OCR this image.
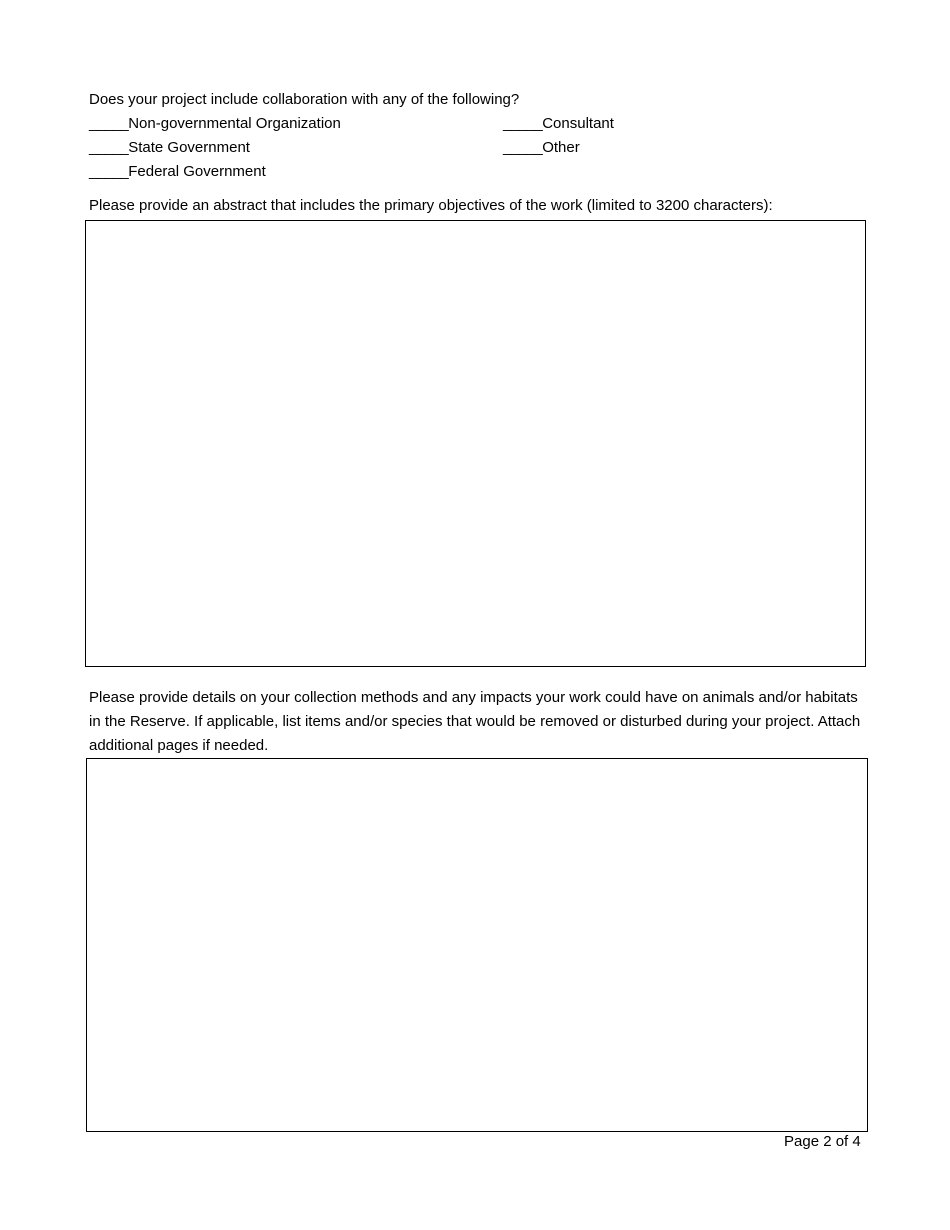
Does your project include collaboration with any of the following?
_____Non-governmental Organization	_____Consultant
_____State Government	_____Other
_____Federal Government
Please provide an abstract that includes the primary objectives of the work (limited to 3200 characters):
Please provide details on your collection methods and any impacts your work could have on animals and/or habitats in the Reserve. If applicable, list items and/or species that would be removed or disturbed during your project. Attach additional pages if needed.
Page 2 of 4
